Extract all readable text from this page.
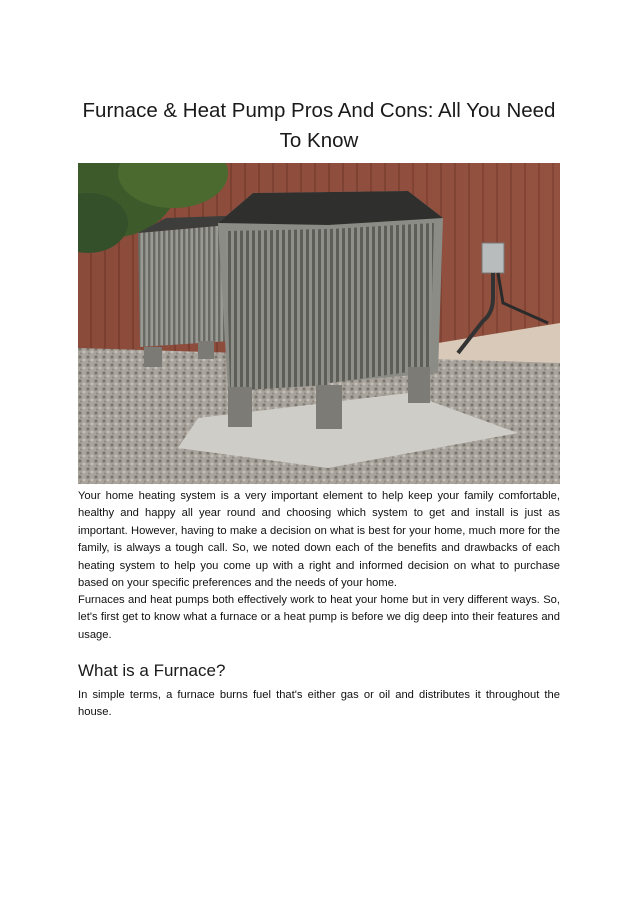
Furnace & Heat Pump Pros And Cons: All You Need To Know

Your home heating system is a very important element to help keep your family comfortable, healthy and happy all year round and choosing which system to get and install is just as important. However, having to make a decision on what is best for your home, much more for the family, is always a tough call. So, we noted down each of the benefits and drawbacks of each heating system to help you come up with a right and informed decision on what to purchase based on your specific preferences and the needs of your home.

Furnaces and heat pumps both effectively work to heat your home but in very different ways. So, let's first get to know what a furnace or a heat pump is before we dig deep into their features and usage.

What is a Furnace?

In simple terms, a furnace burns fuel that's either gas or oil and distributes it throughout the house.
